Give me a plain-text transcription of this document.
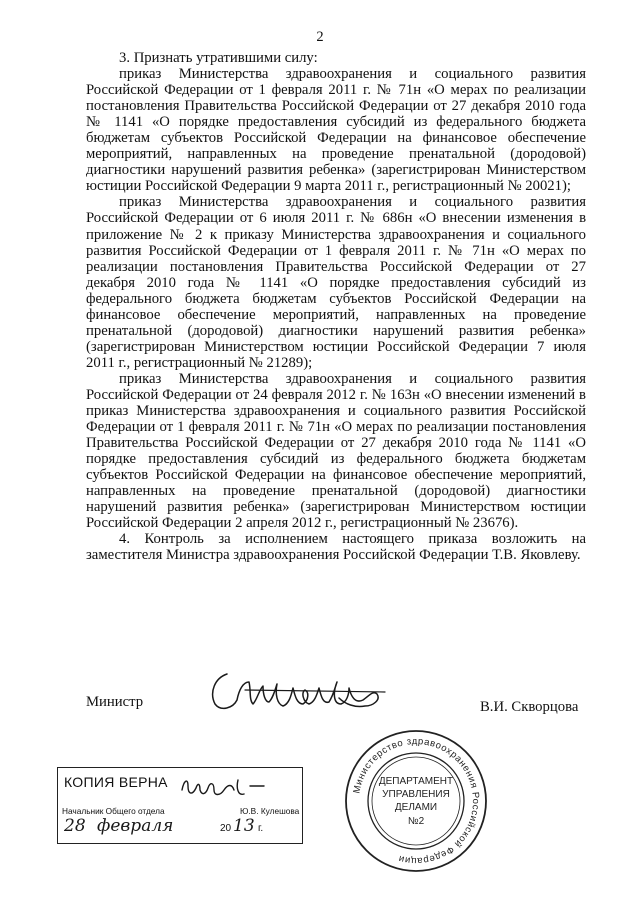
2

3. Признать утратившими силу:

приказ Министерства здравоохранения и социального развития Российской Федерации от 1 февраля 2011 г. № 71н «О мерах по реализации постановления Правительства Российской Федерации от 27 декабря 2010 года № 1141 «О порядке предоставления субсидий из федерального бюджета бюджетам субъектов Российской Федерации на финансовое обеспечение мероприятий, направленных на проведение пренатальной (дородовой) диагностики нарушений развития ребенка» (зарегистрирован Министерством юстиции Российской Федерации 9 марта 2011 г., регистрационный № 20021);

приказ Министерства здравоохранения и социального развития Российской Федерации от 6 июля 2011 г. № 686н «О внесении изменения в приложение № 2 к приказу Министерства здравоохранения и социального развития Российской Федерации от 1 февраля 2011 г. № 71н «О мерах по реализации постановления Правительства Российской Федерации от 27 декабря 2010 года № 1141 «О порядке предоставления субсидий из федерального бюджета бюджетам субъектов Российской Федерации на финансовое обеспечение мероприятий, направленных на проведение пренатальной (дородовой) диагностики нарушений развития ребенка» (зарегистрирован Министерством юстиции Российской Федерации 7 июля 2011 г., регистрационный № 21289);

приказ Министерства здравоохранения и социального развития Российской Федерации от 24 февраля 2012 г. № 163н «О внесении изменений в приказ Министерства здравоохранения и социального развития Российской Федерации от 1 февраля 2011 г. № 71н «О мерах по реализации постановления Правительства Российской Федерации от 27 декабря 2010 года № 1141 «О порядке предоставления субсидий из федерального бюджета бюджетам субъектов Российской Федерации на финансовое обеспечение мероприятий, направленных на проведение пренатальной (дородовой) диагностики нарушений развития ребенка» (зарегистрирован Министерством юстиции Российской Федерации 2 апреля 2012 г., регистрационный № 23676).

4. Контроль за исполнением настоящего приказа возложить на заместителя Министра здравоохранения Российской Федерации Т.В. Яковлеву.

Министр	В.И. Скворцова
КОПИЯ ВЕРНА
Начальник Общего отдела	Ю.В. Кулешова
28 февраля	20 13 г.
Министерство здравоохранения Российской Федерации
ДЕПАРТАМЕНТ
УПРАВЛЕНИЯ
ДЕЛАМИ
№2
